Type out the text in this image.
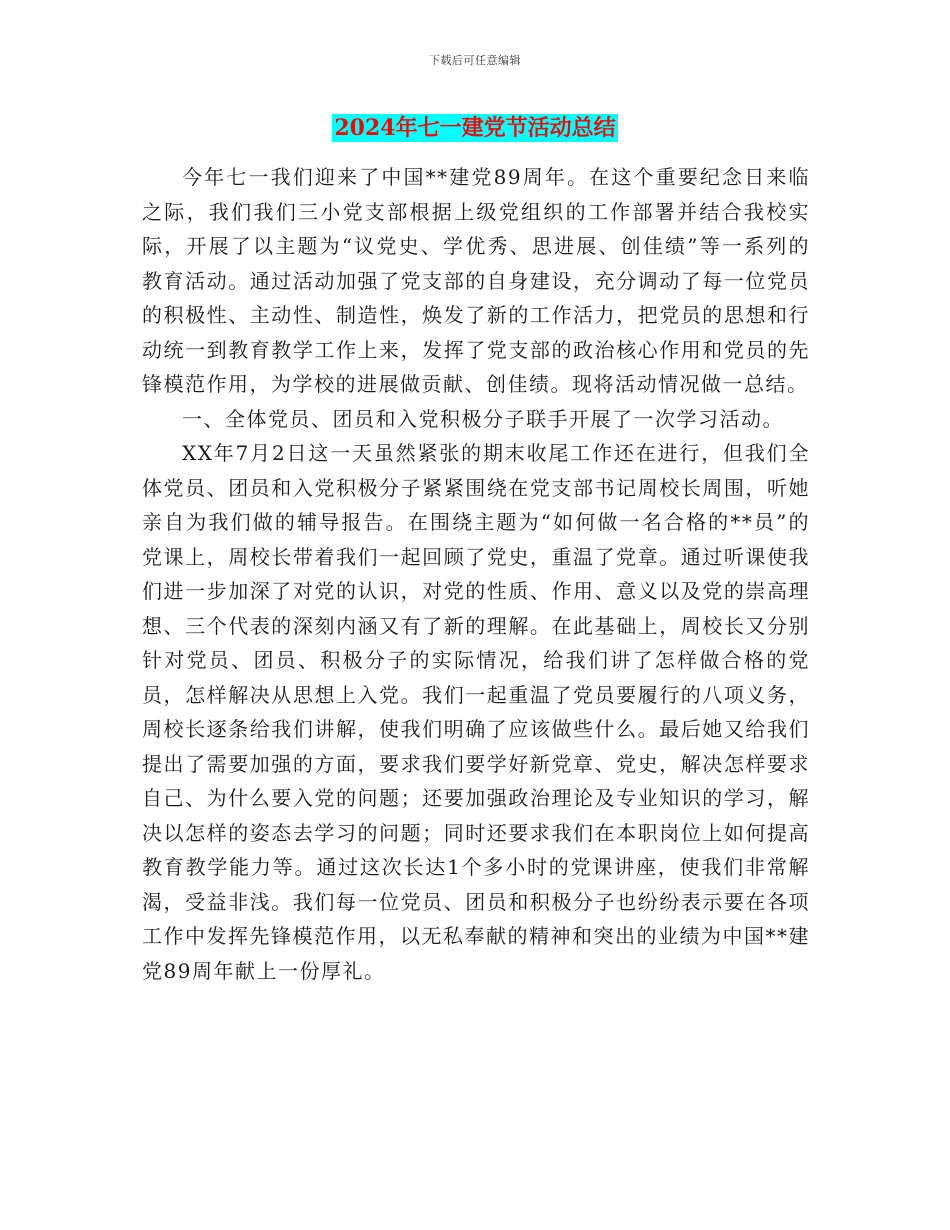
下载后可任意编辑
2024年七一建党节活动总结

今年七一我们迎来了中国**建党89周年。在这个重要纪念日来临之际，我们我们三小党支部根据上级党组织的工作部署并结合我校实际，开展了以主题为“议党史、学优秀、思进展、创佳绩”等一系列的教育活动。通过活动加强了党支部的自身建设，充分调动了每一位党员的积极性、主动性、制造性，焕发了新的工作活力，把党员的思想和行动统一到教育教学工作上来，发挥了党支部的政治核心作用和党员的先锋模范作用，为学校的进展做贡献、创佳绩。现将活动情况做一总结。

一、全体党员、团员和入党积极分子联手开展了一次学习活动。

XX年7月2日这一天虽然紧张的期末收尾工作还在进行，但我们全体党员、团员和入党积极分子紧紧围绕在党支部书记周校长周围，听她亲自为我们做的辅导报告。在围绕主题为“如何做一名合格的**员”的党课上，周校长带着我们一起回顾了党史，重温了党章。通过听课使我们进一步加深了对党的认识，对党的性质、作用、意义以及党的崇高理想、三个代表的深刻内涵又有了新的理解。在此基础上，周校长又分别针对党员、团员、积极分子的实际情况，给我们讲了怎样做合格的党员，怎样解决从思想上入党。我们一起重温了党员要履行的八项义务，周校长逐条给我们讲解，使我们明确了应该做些什么。最后她又给我们提出了需要加强的方面，要求我们要学好新党章、党史，解决怎样要求自己、为什么要入党的问题；还要加强政治理论及专业知识的学习，解决以怎样的姿态去学习的问题；同时还要求我们在本职岗位上如何提高教育教学能力等。通过这次长达1个多小时的党课讲座，使我们非常解渴，受益非浅。我们每一位党员、团员和积极分子也纷纷表示要在各项工作中发挥先锋模范作用，以无私奉献的精神和突出的业绩为中国**建党89周年献上一份厚礼。
